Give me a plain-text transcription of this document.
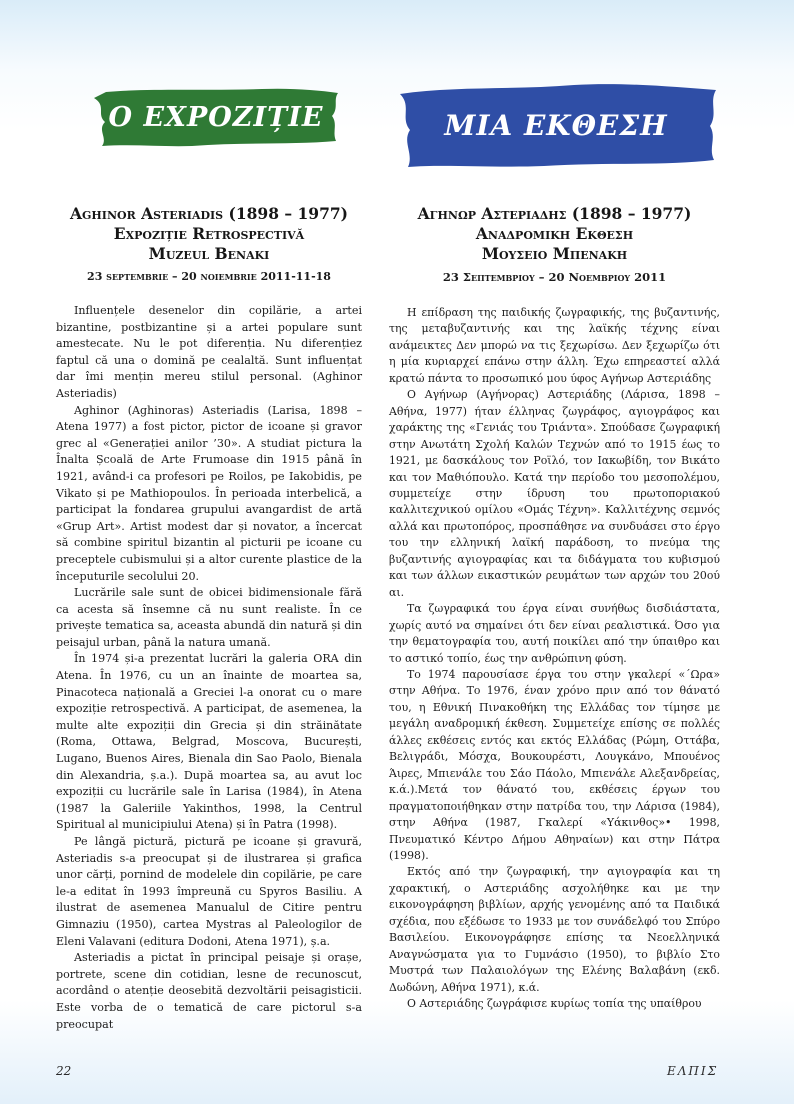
O EXPOZIȚIE	ΜΙΑ ΕΚΘΕΣΗ
Aghinor Asteriadis (1898 – 1977)
Expoziție Retrospectivă
Muzeul Benaki
23 septembrie – 20 noiembrie 2011-11-18

Influențele desenelor din copilărie, a artei bizantine, postbizantine și a artei populare sunt amestecate. Nu le pot diferenția. Nu diferențiez faptul că una o domină pe cealaltă. Sunt influențat dar îmi mențin mereu stilul personal. (Aghinor Asteriadis)

Aghinor (Aghinoras) Asteriadis (Larisa, 1898 – Atena 1977) a fost pictor, pictor de icoane și gravor grec al «Generației anilor ’30». A studiat pictura la Înalta Școală de Arte Frumoase din 1915 până în 1921, având-i ca profesori pe Roilos, pe Iakobidis, pe Vikato și pe Mathiopoulos. În perioada interbelică, a participat la fondarea grupului avangardist de artă «Grup Art». Artist modest dar și novator, a încercat să combine spiritul bizantin al picturii pe icoane cu preceptele cubismului și a altor curente plastice de la începuturile secolului 20.

Lucrările sale sunt de obicei bidimensionale fără ca acesta să însemne că nu sunt realiste. În ce privește tematica sa, aceasta abundă din natură și din peisajul urban, până la natura umană.

În 1974 și-a prezentat lucrări la galeria ORA din Atena. În 1976, cu un an înainte de moartea sa, Pinacoteca națională a Greciei l-a onorat cu o mare expoziție retrospectivă. A participat, de asemenea, la multe alte expoziții din Grecia și din străinătate (Roma, Ottawa, Belgrad, Moscova, București, Lugano, Buenos Aires, Bienala din Sao Paolo, Bienala din Alexandria, ș.a.). După moartea sa, au avut loc expoziții cu lucrările sale în Larisa (1984), în Atena (1987 la Galeriile Yakinthos, 1998, la Centrul Spiritual al municipiului Atena) și în Patra (1998).

Pe lângă pictură, pictură pe icoane și gravură, Asteriadis s-a preocupat și de ilustrarea și grafica unor cărți, pornind de modelele din copilărie, pe care le-a editat în 1993 împreună cu Spyros Basiliu. A ilustrat de asemenea Manualul de Citire pentru Gimnaziu (1950), cartea Mystras al Paleologilor de Eleni Valavani (editura Dodoni, Atena 1971), ș.a.

Asteriadis a pictat în principal peisaje și orașe, portrete, scene din cotidian, lesne de recunoscut, acordând o atenție deosebită dezvoltării peisagisticii. Este vorba de o tematică de care pictorul s-a preocupat

Αγηνωρ Αστεριαδης (1898 – 1977)
Αναδρομικη Εκθεση
Μουσειο Μπενακη
23 Σεπτεμβριου – 20 Νοεμβριου 2011

Η επίδραση της παιδικής ζωγραφικής, της βυζαντινής, της μεταβυζαντινής και της λαϊκής τέχνης είναι ανάμεικτες Δεν μπορώ να τις ξεχωρίσω. Δεν ξεχωρίζω ότι η μία κυριαρχεί επάνω στην άλλη. Έχω επηρεαστεί αλλά κρατώ πάντα το προσωπικό μου ύφος Αγήνωρ Αστεριάδης

Ο Αγήνωρ (Αγήνορας) Αστεριάδης (Λάρισα, 1898 – Αθήνα, 1977) ήταν έλληνας ζωγράφος, αγιογράφος και χαράκτης της «Γενιάς του Τριάντα». Σπούδασε ζωγραφική στην Ανωτάτη Σχολή Καλών Τεχνών από το 1915 έως το 1921, με δασκάλους τον Ροϊλό, τον Ιακωβίδη, τον Βικάτο και τον Μαθιόπουλο. Κατά την περίοδο του μεσοπολέμου, συμμετείχε στην ίδρυση του πρωτοποριακού καλλιτεχνικού ομίλου «Ομάς Τέχνη». Καλλιτέχνης σεμνός αλλά και πρωτοπόρος, προσπάθησε να συνδυάσει στο έργο του την ελληνική λαϊκή παράδοση, το πνεύμα της βυζαντινής αγιογραφίας και τα διδάγματα του κυβισμού και των άλλων εικαστικών ρευμάτων των αρχών του 20ού αι.

Τα ζωγραφικά του έργα είναι συνήθως δισδιάστατα, χωρίς αυτό να σημαίνει ότι δεν είναι ρεαλιστικά. Όσο για την θεματογραφία του, αυτή ποικίλει από την ύπαιθρο και το αστικό τοπίο, έως την ανθρώπινη φύση.

Το 1974 παρουσίασε έργα του στην γκαλερί «΄Ωρα» στην Αθήνα. Το 1976, έναν χρόνο πριν από τον θάνατό του, η Εθνική Πινακοθήκη της Ελλάδας τον τίμησε με μεγάλη αναδρομική έκθεση. Συμμετείχε επίσης σε πολλές άλλες εκθέσεις εντός και εκτός Ελλάδας (Ρώμη, Οττάβα, Βελιγράδι, Μόσχα, Βουκουρέστι, Λουγκάνο, Μπουένος Άιρες, Μπιενάλε του Σάο Πάολο, Μπιενάλε Αλεξανδρείας, κ.ά.).Μετά τον θάνατό του, εκθέσεις έργων του πραγματοποιήθηκαν στην πατρίδα του, την Λάρισα (1984), στην Αθήνα (1987, Γκαλερί «Υάκινθος»• 1998, Πνευματικό Κέντρο Δήμου Αθηναίων) και στην Πάτρα (1998).

Εκτός από την ζωγραφική, την αγιογραφία και τη χαρακτική, ο Αστεριάδης ασχολήθηκε και με την εικονογράφηση βιβλίων, αρχής γενομένης από τα Παιδικά σχέδια, που εξέδωσε το 1933 με τον συνάδελφό του Σπύρο Βασιλείου. Εικονογράφησε επίσης τα Νεοελληνικά Αναγνώσματα για το Γυμνάσιο (1950), το βιβλίο Στο Μυστρά των Παλαιολόγων της Ελένης Βαλαβάνη (εκδ. Δωδώνη, Αθήνα 1971), κ.ά.

Ο Αστεριάδης ζωγράφισε κυρίως τοπία της υπαίθρου

22	ΕΛΠΙΣ
